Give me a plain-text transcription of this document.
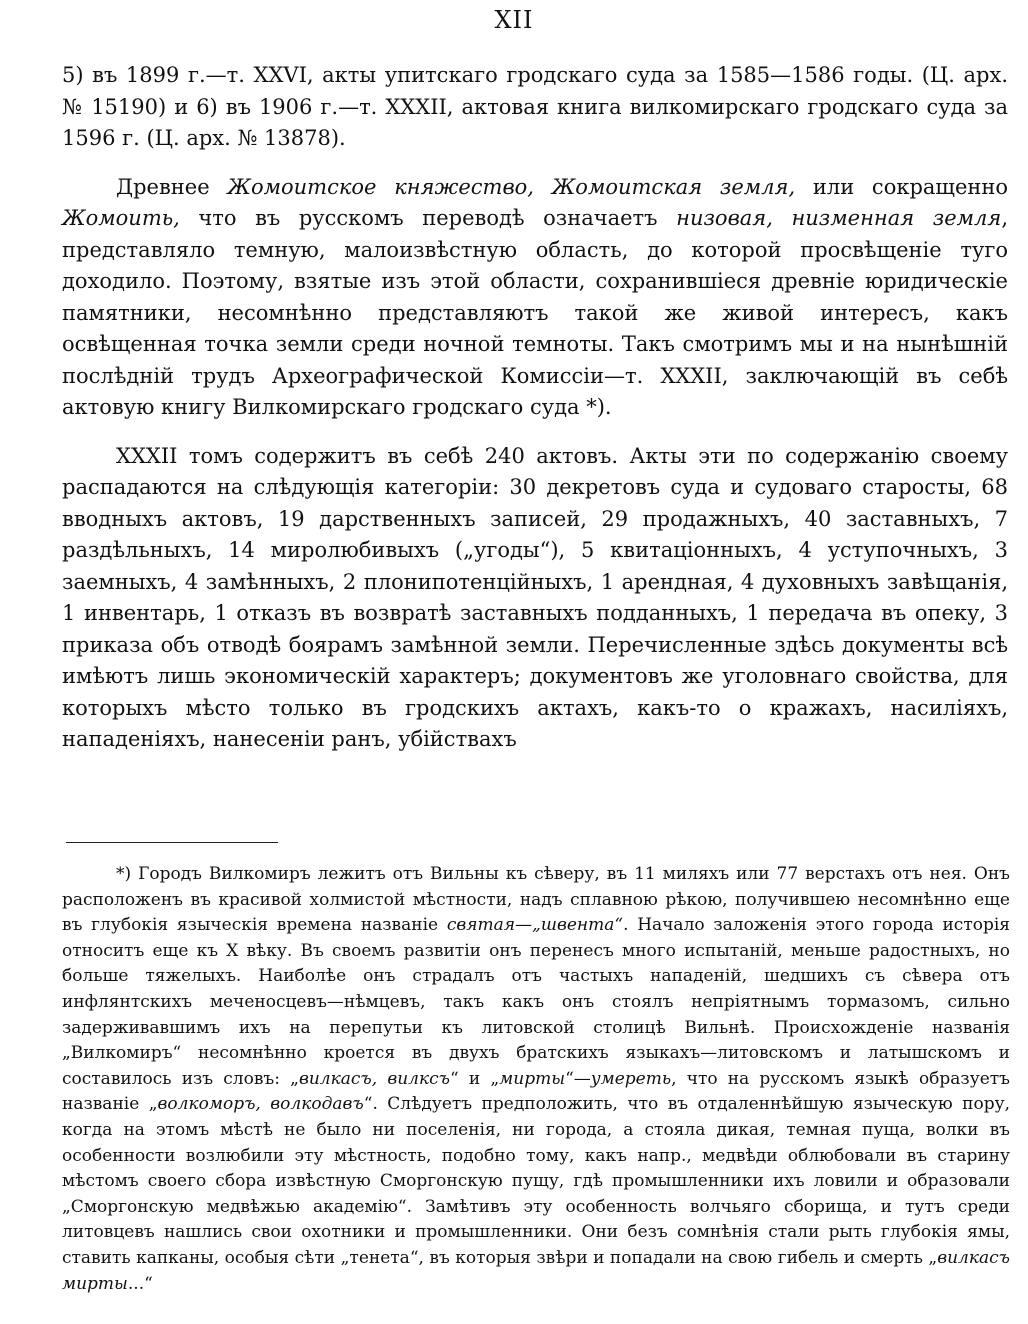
XII

5) въ 1899 г.—т. XXVI, акты упитскаго гродскаго суда за 1585—1586 годы. (Ц. арх. № 15190) и 6) въ 1906 г.—т. XXXII, актовая книга вилкомирскаго гродскаго суда за 1596 г. (Ц. арх. № 13878).

Древнее Жомоитское княжество, Жомоитская земля, или сокращенно Жомоить, что въ русскомъ переводѣ означаетъ низовая, низменная земля, представляло темную, малоизвѣстную область, до которой просвѣщеніе туго доходило. Поэтому, взятые изъ этой области, сохранившіеся древніе юридическіе памятники, несомнѣнно представляютъ такой же живой интересъ, какъ освѣщенная точка земли среди ночной темноты. Такъ смотримъ мы и на нынѣшній послѣдній трудъ Археографической Комиссіи—т. XXXII, заключающій въ себѣ актовую книгу Вилкомирскаго гродскаго суда *).

XXXII томъ содержитъ въ себѣ 240 актовъ. Акты эти по содержанію своему распадаются на слѣдующія категоріи: 30 декретовъ суда и судоваго старосты, 68 вводныхъ актовъ, 19 дарственныхъ записей, 29 продажныхъ, 40 заставныхъ, 7 раздѣльныхъ, 14 миролюбивыхъ („угоды“), 5 квитаціонныхъ, 4 уступочныхъ, 3 заемныхъ, 4 замѣнныхъ, 2 плонипотенційныхъ, 1 арендная, 4 духовныхъ завѣщанія, 1 инвентарь, 1 отказъ въ возвратѣ заставныхъ подданныхъ, 1 передача въ опеку, 3 приказа объ отводѣ боярамъ замѣнной земли. Перечисленные здѣсь документы всѣ имѣютъ лишь экономическій характеръ; документовъ же уголовнаго свойства, для которыхъ мѣсто только въ гродскихъ актахъ, какъ-то о кражахъ, насиліяхъ, нападеніяхъ, нанесеніи ранъ, убійствахъ

*) Городъ Вилкомиръ лежитъ отъ Вильны къ сѣверу, въ 11 миляхъ или 77 верстахъ отъ нея. Онъ расположенъ въ красивой холмистой мѣстности, надъ сплавною рѣкою, получившею несомнѣнно еще въ глубокія языческія времена названіе святая—„швента“. Начало заложенія этого города исторія относитъ еще къ X вѣку. Въ своемъ развитіи онъ перенесъ много испытаній, меньше радостныхъ, но больше тяжелыхъ. Наиболѣе онъ страдалъ отъ частыхъ нападеній, шедшихъ съ сѣвера отъ инфлянтскихъ меченосцевъ—нѣмцевъ, такъ какъ онъ стоялъ непріятнымъ тормазомъ, сильно задерживавшимъ ихъ на перепутьи къ литовской столицѣ Вильнѣ. Происхожденіе названія „Вилкомиръ“ несомнѣнно кроется въ двухъ братскихъ языкахъ—литовскомъ и латышскомъ и составилось изъ словъ: „вилкасъ, вилксъ“ и „мирты“—умереть, что на русскомъ языкѣ образуетъ названіе „волкоморъ, волкодавъ“. Слѣдуетъ предположить, что въ отдаленнѣйшую языческую пору, когда на этомъ мѣстѣ не было ни поселенія, ни города, а стояла дикая, темная пуща, волки въ особенности возлюбили эту мѣстность, подобно тому, какъ напр., медвѣди облюбовали въ старину мѣстомъ своего сбора извѣстную Сморгонскую пущу, гдѣ промышленники ихъ ловили и образовали „Сморгонскую медвѣжью академію“. Замѣтивъ эту особенность волчьяго сборища, и тутъ среди литовцевъ нашлись свои охотники и промышленники. Они безъ сомнѣнія стали рыть глубокія ямы, ставить капканы, особыя сѣти „тенета“, въ которыя звѣри и попадали на свою гибель и смерть „вилкасъ мирты...“
